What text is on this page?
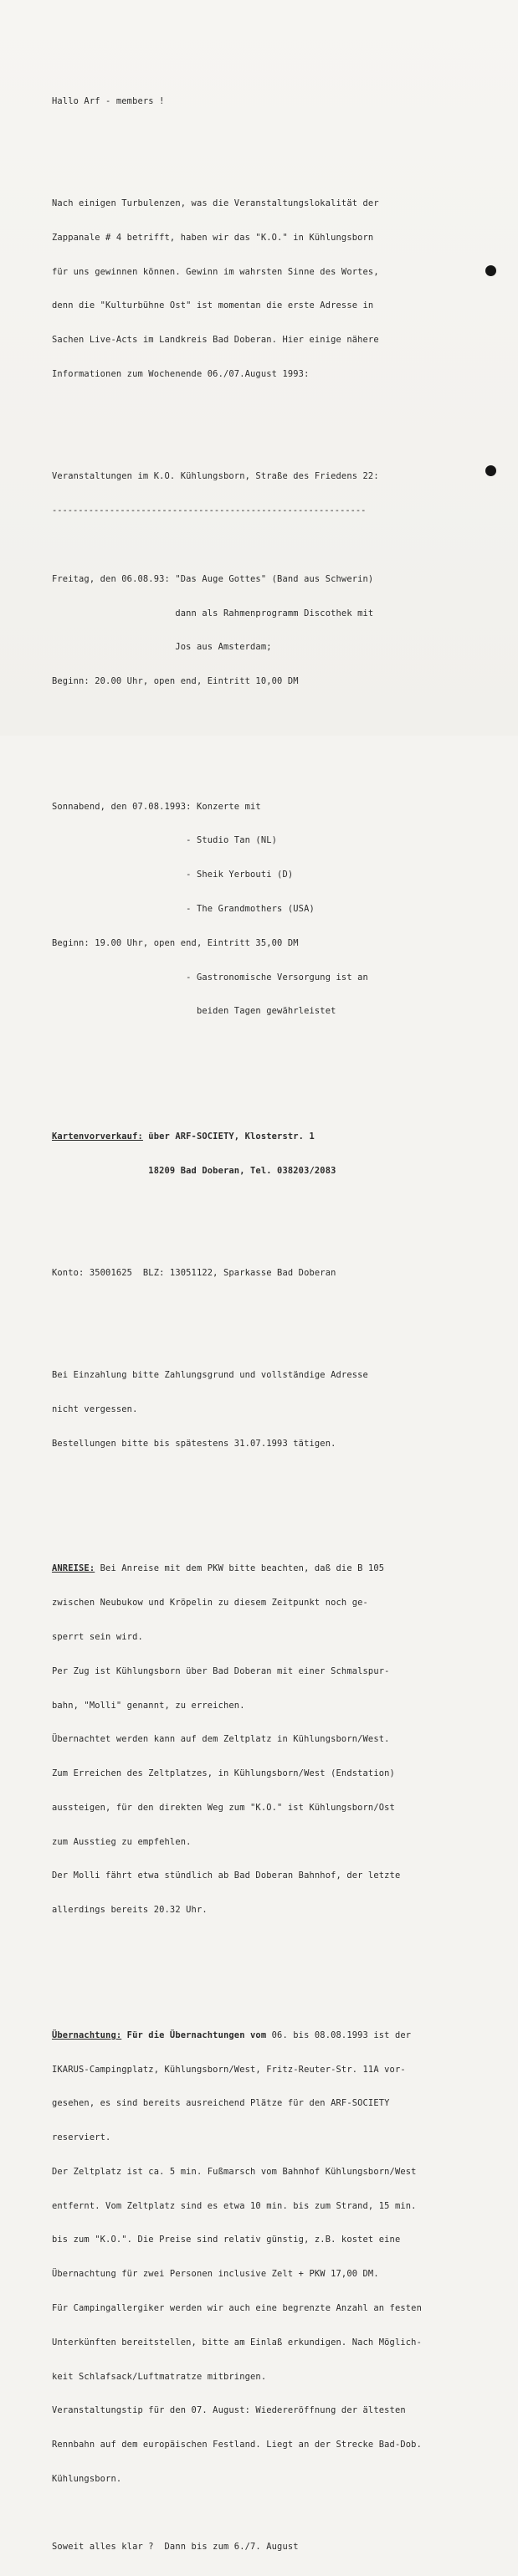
Hallo Arf - members !

Nach einigen Turbulenzen, was die Veranstaltungslokalität der

Zappanale # 4 betrifft, haben wir das "K.O." in Kühlungsborn

für uns gewinnen können. Gewinn im wahrsten Sinne des Wortes,

denn die "Kulturbühne Ost" ist momentan die erste Adresse in

Sachen Live-Acts im Landkreis Bad Doberan. Hier einige nähere

Informationen zum Wochenende 06./07.August 1993:

Veranstaltungen im K.O. Kühlungsborn, Straße des Friedens 22:

------------------------------------------------------------

Freitag, den 06.08.93: "Das Auge Gottes" (Band aus Schwerin)

dann als Rahmenprogramm Discothek mit

Jos aus Amsterdam;

Beginn: 20.00 Uhr, open end, Eintritt 10,00 DM

Sonnabend, den 07.08.1993: Konzerte mit

- Studio Tan (NL)

- Sheik Yerbouti (D)

- The Grandmothers (USA)

Beginn: 19.00 Uhr, open end, Eintritt 35,00 DM

- Gastronomische Versorgung ist an

beiden Tagen gewährleistet

Kartenvorverkauf: über ARF-SOCIETY, Klosterstr. 1

18209 Bad Doberan, Tel. 038203/2083

Konto: 35001625  BLZ: 13051122, Sparkasse Bad Doberan

Bei Einzahlung bitte Zahlungsgrund und vollständige Adresse

nicht vergessen.

Bestellungen bitte bis spätestens 31.07.1993 tätigen.

ANREISE: Bei Anreise mit dem PKW bitte beachten, daß die B 105

zwischen Neubukow und Kröpelin zu diesem Zeitpunkt noch ge-

sperrt sein wird.

Per Zug ist Kühlungsborn über Bad Doberan mit einer Schmalspur-

bahn, "Molli" genannt, zu erreichen.

Übernachtet werden kann auf dem Zeltplatz in Kühlungsborn/West.

Zum Erreichen des Zeltplatzes, in Kühlungsborn/West (Endstation)

aussteigen, für den direkten Weg zum "K.O." ist Kühlungsborn/Ost

zum Ausstieg zu empfehlen.

Der Molli fährt etwa stündlich ab Bad Doberan Bahnhof, der letzte

allerdings bereits 20.32 Uhr.

Übernachtung: Für die Übernachtungen vom 06. bis 08.08.1993 ist der

IKARUS-Campingplatz, Kühlungsborn/West, Fritz-Reuter-Str. 11A vor-

gesehen, es sind bereits ausreichend Plätze für den ARF-SOCIETY

reserviert.

Der Zeltplatz ist ca. 5 min. Fußmarsch vom Bahnhof Kühlungsborn/West

entfernt. Vom Zeltplatz sind es etwa 10 min. bis zum Strand, 15 min.

bis zum "K.O.". Die Preise sind relativ günstig, z.B. kostet eine

Übernachtung für zwei Personen inclusive Zelt + PKW 17,00 DM.

Für Campingallergiker werden wir auch eine begrenzte Anzahl an festen

Unterkünften bereitstellen, bitte am Einlaß erkundigen. Nach Möglich-

keit Schlafsack/Luftmatratze mitbringen.

Veranstaltungstip für den 07. August: Wiedereröffnung der ältesten

Rennbahn auf dem europäischen Festland. Liegt an der Strecke Bad-Dob.

Kühlungsborn.

Soweit alles klar ?  Dann bis zum 6./7. August
